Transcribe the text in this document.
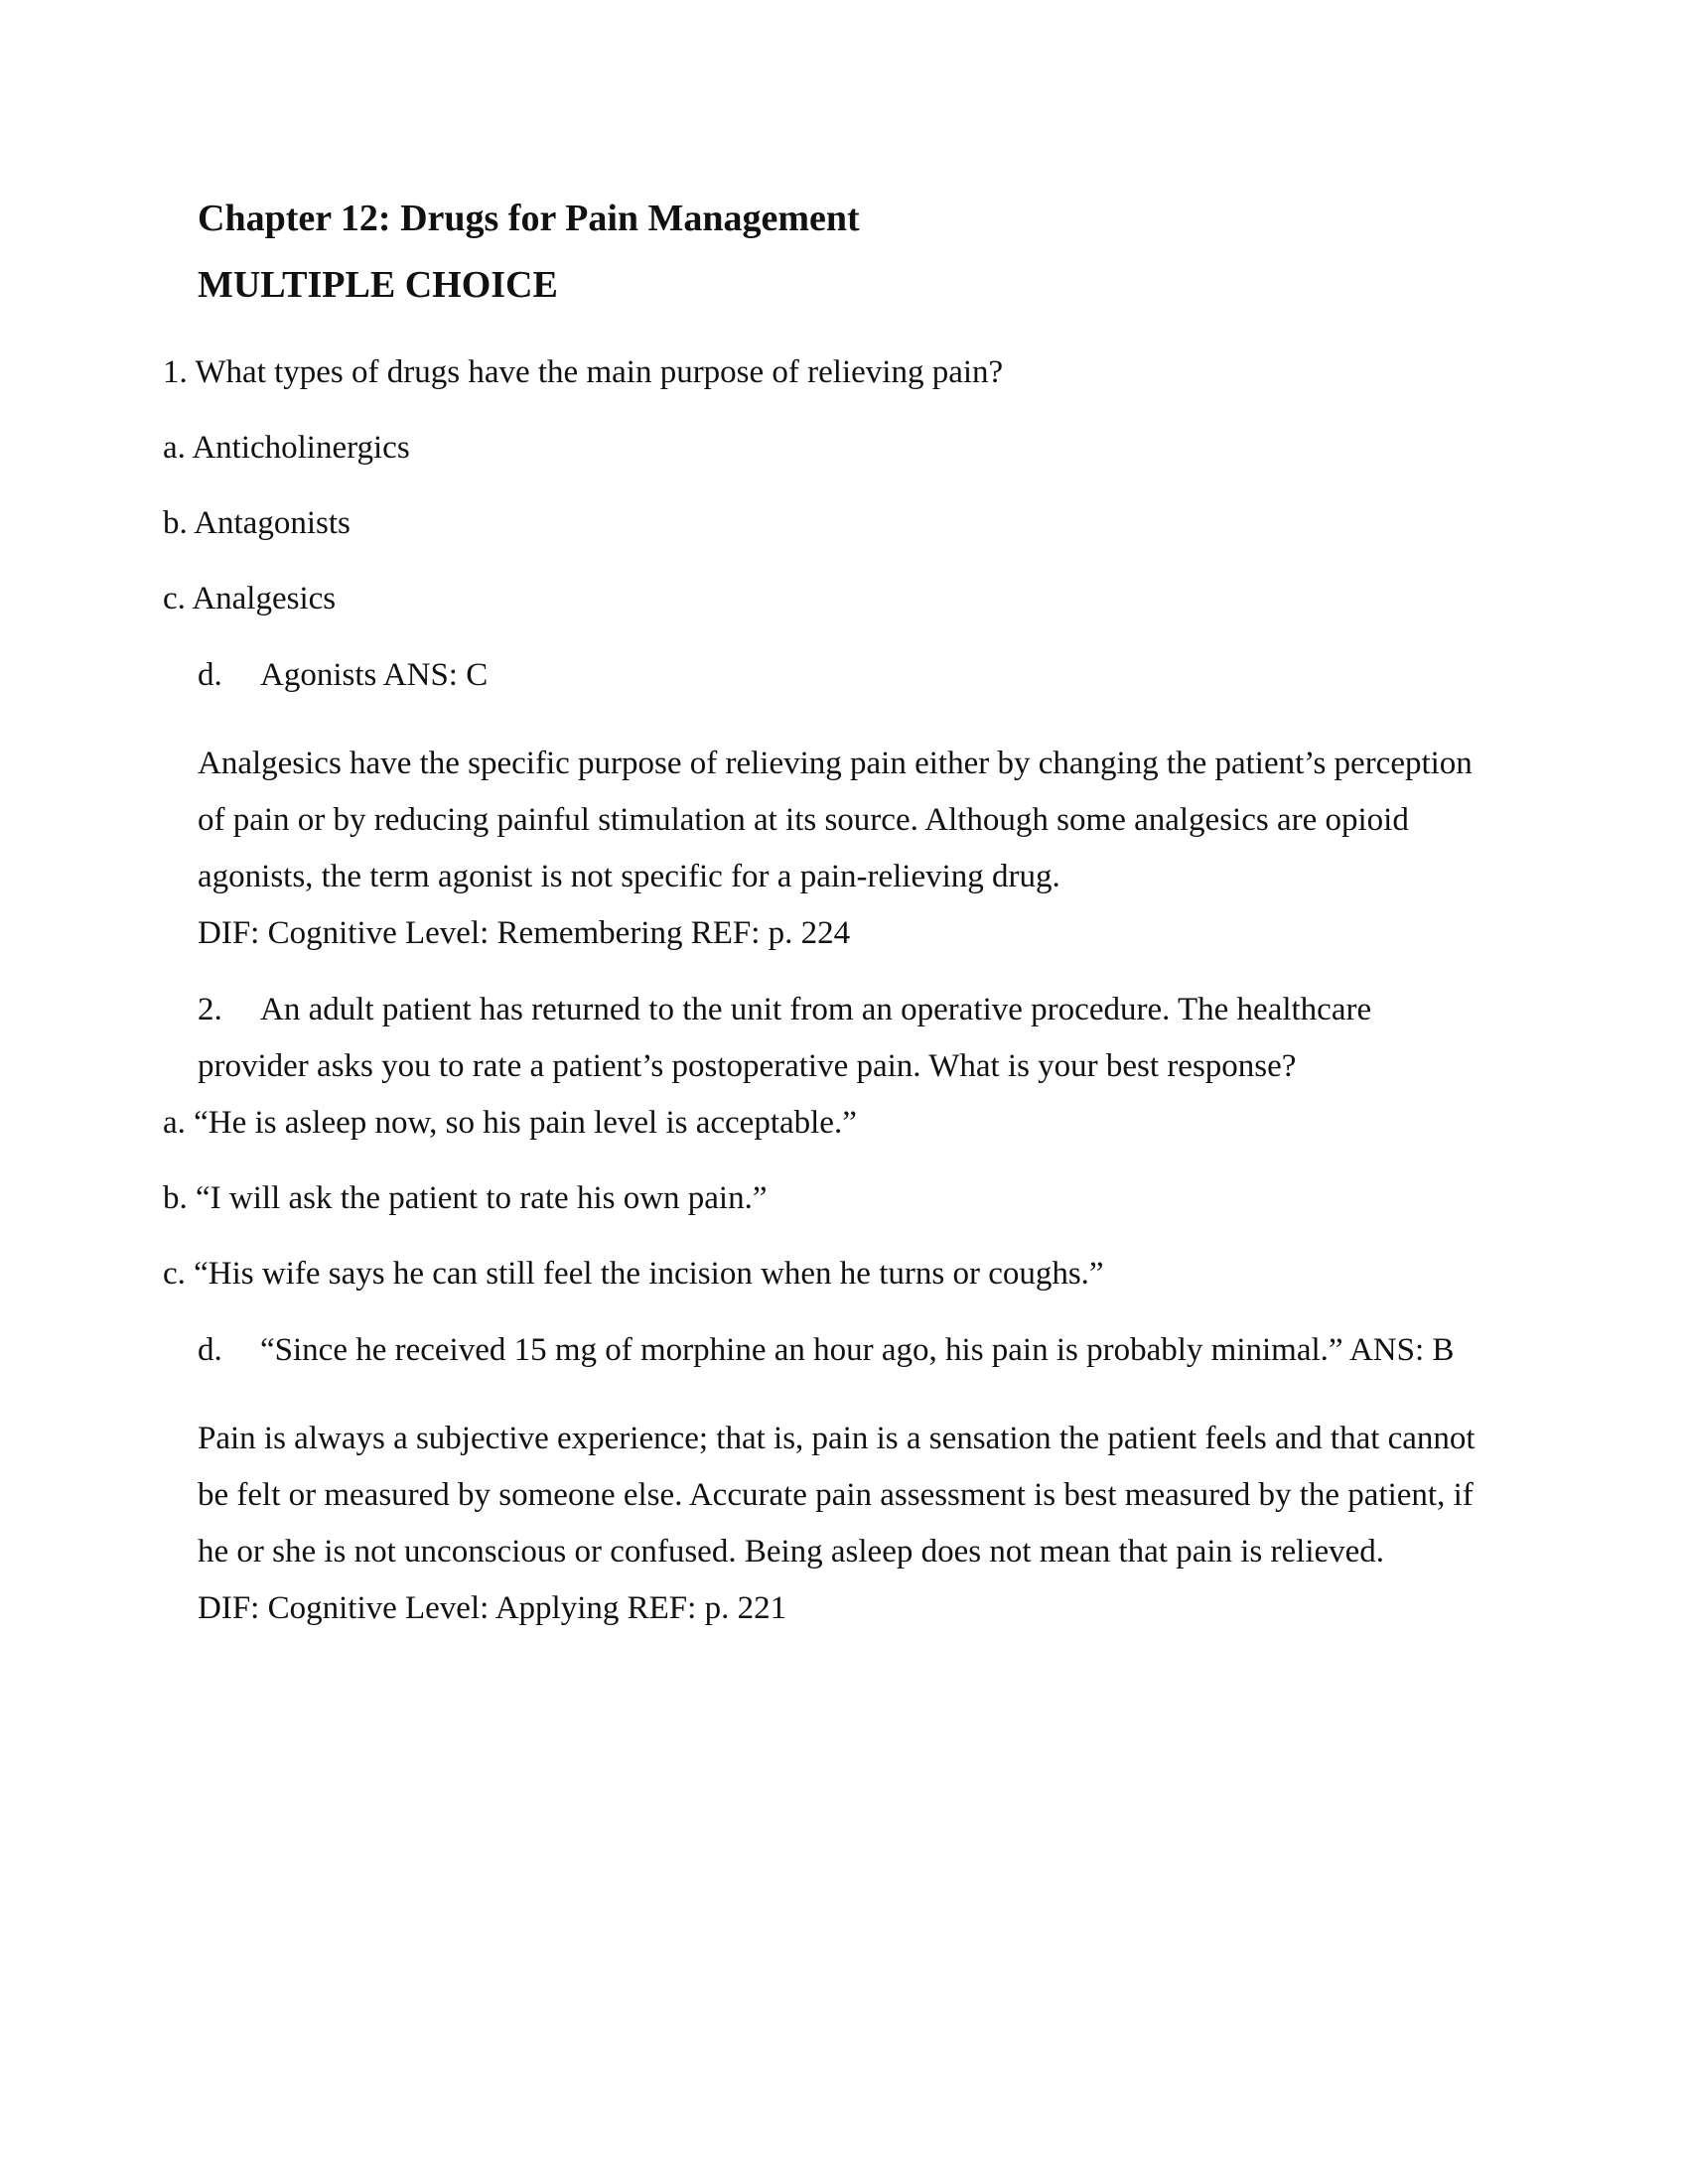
Chapter 12: Drugs for Pain Management
MULTIPLE CHOICE
1. What types of drugs have the main purpose of relieving pain?
a. Anticholinergics
b. Antagonists
c. Analgesics
d. Agonists ANS: C
Analgesics have the specific purpose of relieving pain either by changing the patient’s perception
of pain or by reducing painful stimulation at its source. Although some analgesics are opioid
agonists, the term agonist is not specific for a pain-relieving drug.
DIF: Cognitive Level: Remembering REF: p. 224
2. An adult patient has returned to the unit from an operative procedure. The healthcare
provider asks you to rate a patient’s postoperative pain. What is your best response?
a. “He is asleep now, so his pain level is acceptable.”
b. “I will ask the patient to rate his own pain.”
c. “His wife says he can still feel the incision when he turns or coughs.”
d. “Since he received 15 mg of morphine an hour ago, his pain is probably minimal.” ANS: B
Pain is always a subjective experience; that is, pain is a sensation the patient feels and that cannot
be felt or measured by someone else. Accurate pain assessment is best measured by the patient, if
he or she is not unconscious or confused. Being asleep does not mean that pain is relieved.
DIF: Cognitive Level: Applying REF: p. 221
